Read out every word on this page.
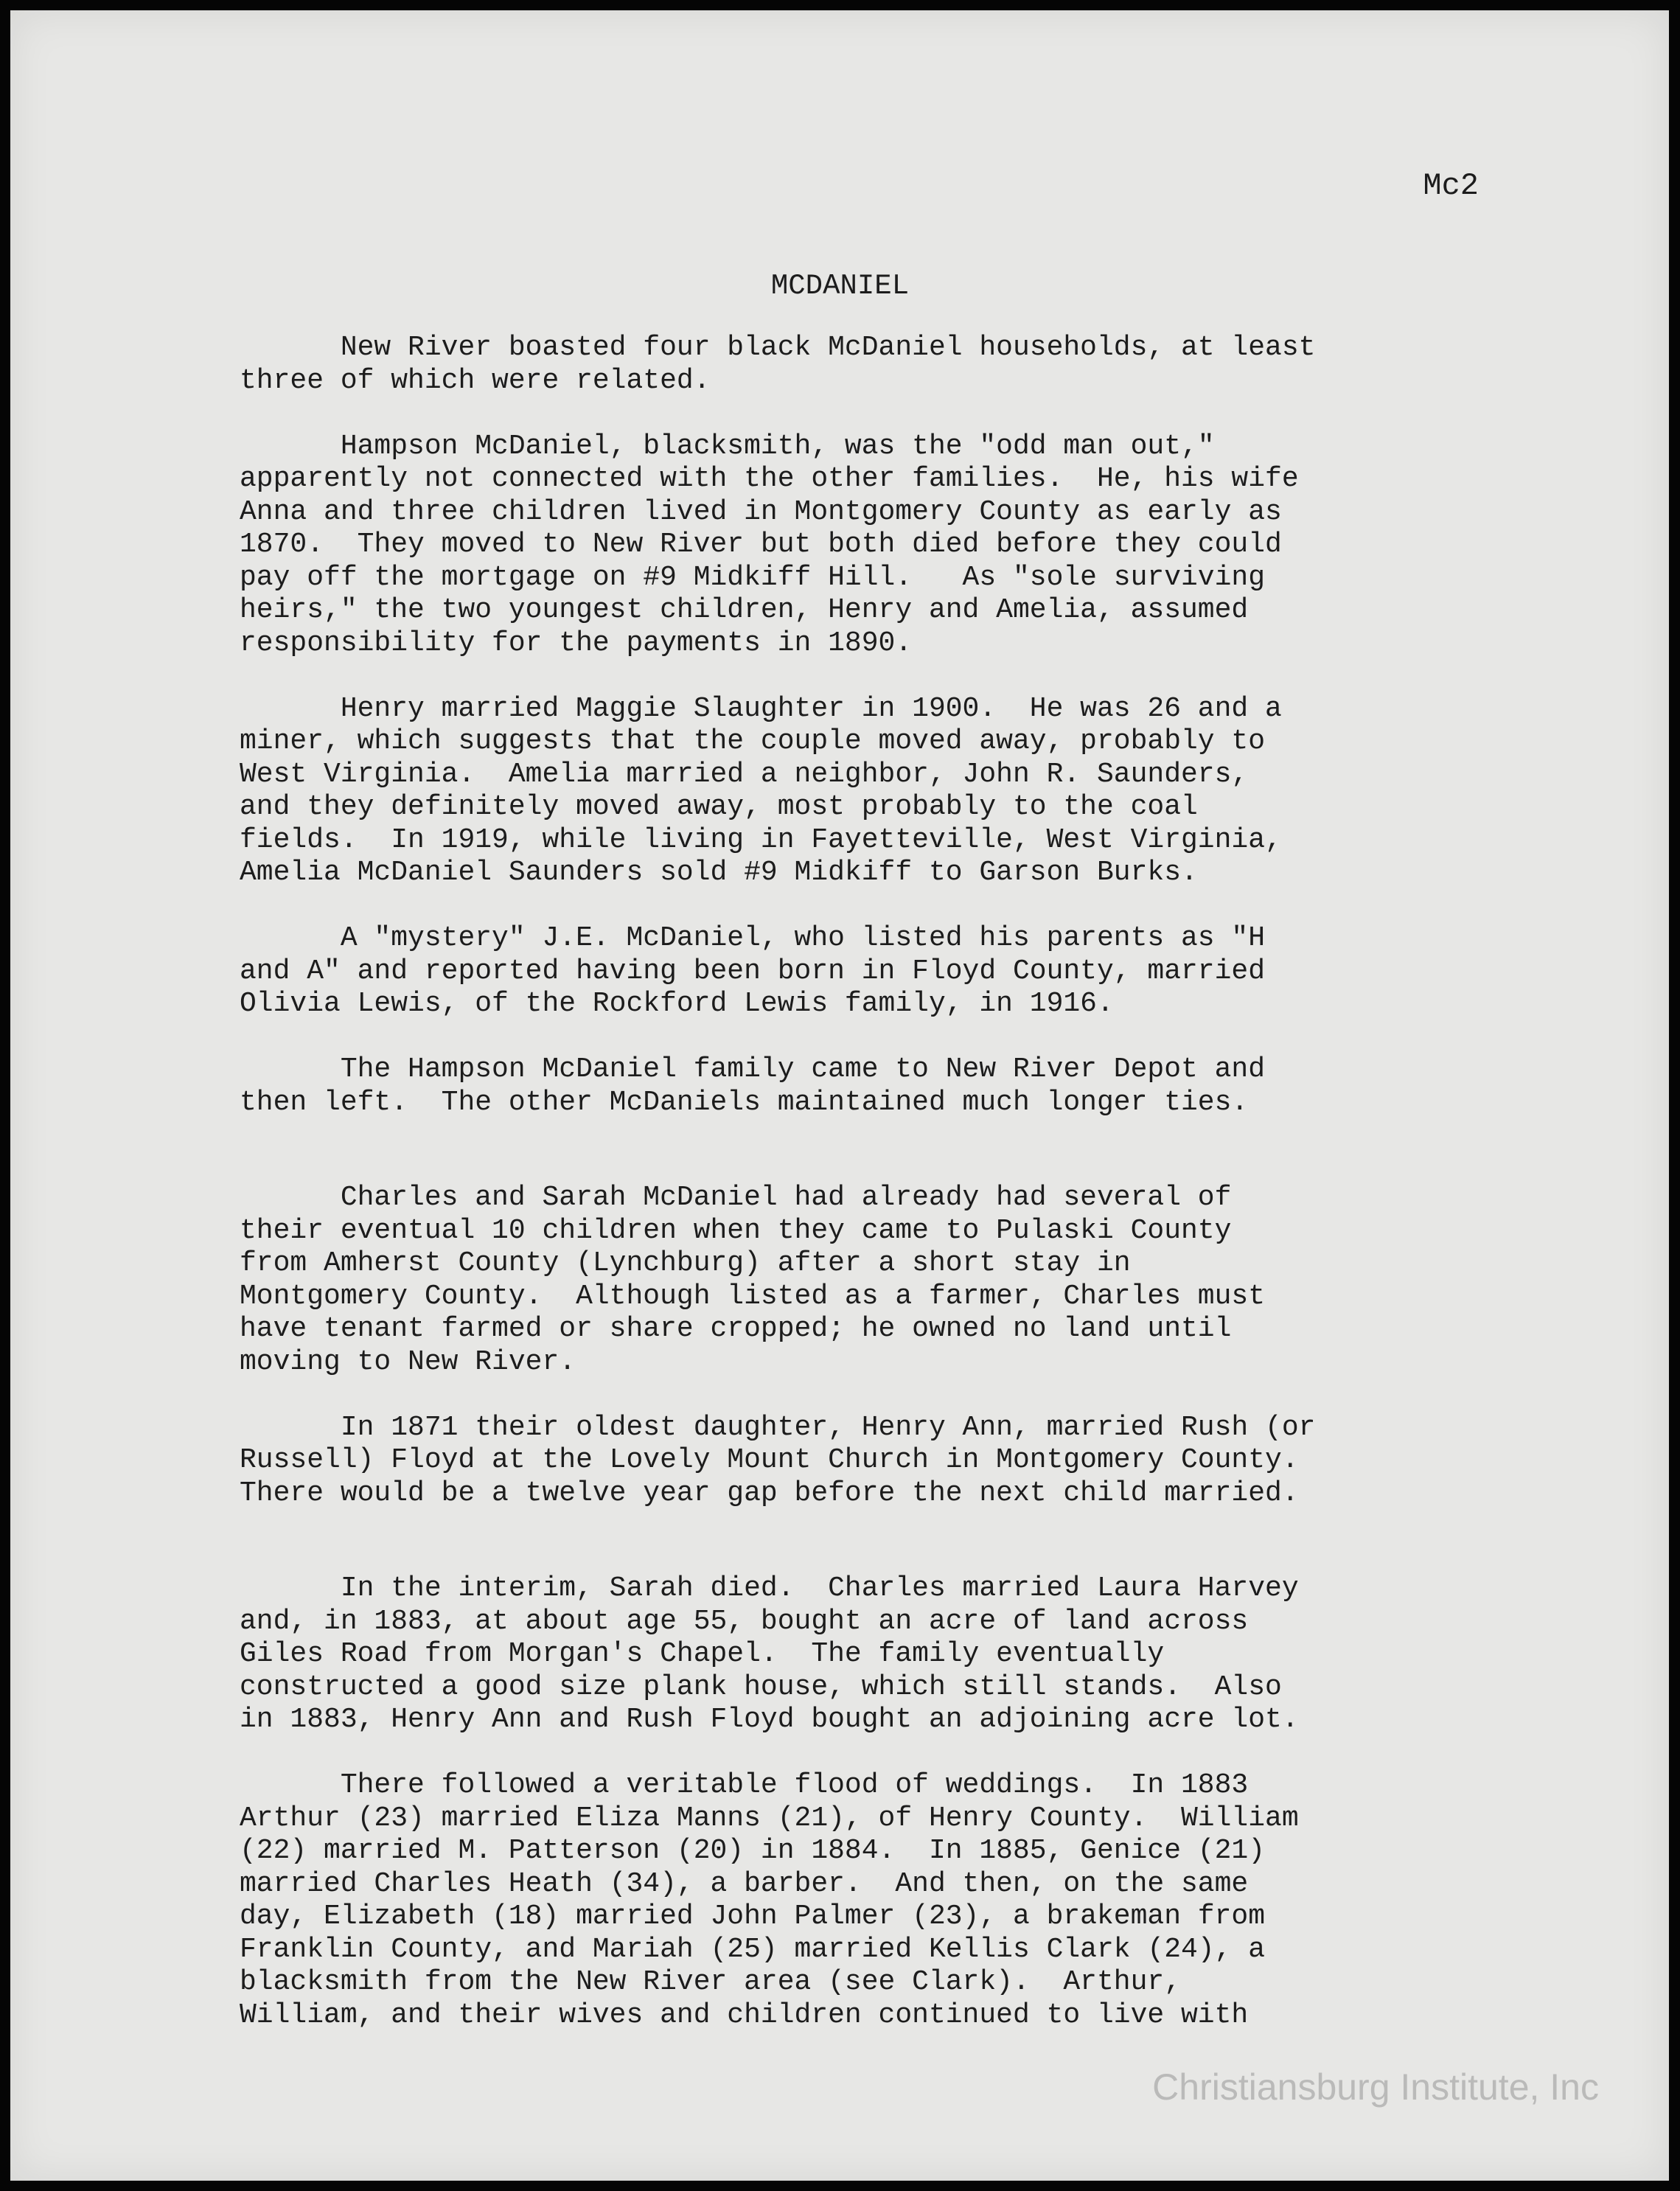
Mc2
MCDANIEL

New River boasted four black McDaniel households, at least
three of which were related.

Hampson McDaniel, blacksmith, was the "odd man out,"
apparently not connected with the other families.  He, his wife
Anna and three children lived in Montgomery County as early as
1870.  They moved to New River but both died before they could
pay off the mortgage on #9 Midkiff Hill.   As "sole surviving
heirs," the two youngest children, Henry and Amelia, assumed
responsibility for the payments in 1890.

Henry married Maggie Slaughter in 1900.  He was 26 and a
miner, which suggests that the couple moved away, probably to
West Virginia.  Amelia married a neighbor, John R. Saunders,
and they definitely moved away, most probably to the coal
fields.  In 1919, while living in Fayetteville, West Virginia,
Amelia McDaniel Saunders sold #9 Midkiff to Garson Burks.

A "mystery" J.E. McDaniel, who listed his parents as "H
and A" and reported having been born in Floyd County, married
Olivia Lewis, of the Rockford Lewis family, in 1916.

The Hampson McDaniel family came to New River Depot and
then left.  The other McDaniels maintained much longer ties.

Charles and Sarah McDaniel had already had several of
their eventual 10 children when they came to Pulaski County
from Amherst County (Lynchburg) after a short stay in
Montgomery County.  Although listed as a farmer, Charles must
have tenant farmed or share cropped; he owned no land until
moving to New River.

In 1871 their oldest daughter, Henry Ann, married Rush (or
Russell) Floyd at the Lovely Mount Church in Montgomery County.
There would be a twelve year gap before the next child married.

In the interim, Sarah died.  Charles married Laura Harvey
and, in 1883, at about age 55, bought an acre of land across
Giles Road from Morgan's Chapel.  The family eventually
constructed a good size plank house, which still stands.  Also
in 1883, Henry Ann and Rush Floyd bought an adjoining acre lot.

There followed a veritable flood of weddings.  In 1883
Arthur (23) married Eliza Manns (21), of Henry County.  William
(22) married M. Patterson (20) in 1884.  In 1885, Genice (21)
married Charles Heath (34), a barber.  And then, on the same
day, Elizabeth (18) married John Palmer (23), a brakeman from
Franklin County, and Mariah (25) married Kellis Clark (24), a
blacksmith from the New River area (see Clark).  Arthur,
William, and their wives and children continued to live with

Christiansburg Institute, Inc
